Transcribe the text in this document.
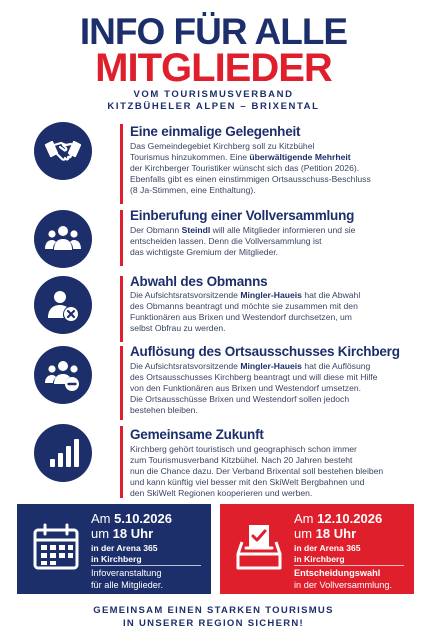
INFO FÜR ALLE
MITGLIEDER
VOM TOURISMUSVERBAND
KITZBÜHELER ALPEN – BRIXENTAL
Eine einmalige Gelegenheit
Das Gemeindegebiet Kirchberg soll zu Kitzbühel
Tourismus hinzukommen. Eine überwältigende Mehrheit
der Kirchberger Touristiker wünscht sich das (Petition 2026).
Ebenfalls gibt es einen einstimmigen Ortsausschuss-Beschluss
(8 Ja-Stimmen, eine Enthaltung).
Einberufung einer Vollversammlung
Der Obmann Steindl will alle Mitglieder informieren und sie
entscheiden lassen. Denn die Vollversammlung ist
das wichtigste Gremium der Mitglieder.
Abwahl des Obmanns
Die Aufsichtsratsvorsitzende Mingler-Haueis hat die Abwahl
des Obmanns beantragt und möchte sie zusammen mit den
Funktionären aus Brixen und Westendorf durchsetzen, um
selbst Obfrau zu werden.
Auflösung des Ortsausschusses Kirchberg
Die Aufsichtsratsvorsitzende Mingler-Haueis hat die Auflösung
des Ortsausschusses Kirchberg beantragt und will diese mit Hilfe
von den Funktionären aus Brixen und Westendorf umsetzen.
Die Ortsausschüsse Brixen und Westendorf sollen jedoch
bestehen bleiben.
Gemeinsame Zukunft
Kirchberg gehört touristisch und geographisch schon immer
zum Tourismusverband Kitzbühel. Nach 20 Jahren besteht
nun die Chance dazu. Der Verband Brixental soll bestehen bleiben
und kann künftig viel besser mit den SkiWelt Bergbahnen und
den SkiWelt Regionen kooperieren und werben.
Am 5.10.2026
um 18 Uhr
in der Arena 365
in Kirchberg
Infoveranstaltung
für alle Mitglieder.
Am 12.10.2026
um 18 Uhr
in der Arena 365
in Kirchberg
Entscheidungswahl
in der Vollversammlung.
GEMEINSAM EINEN STARKEN TOURISMUS
IN UNSERER REGION SICHERN!
